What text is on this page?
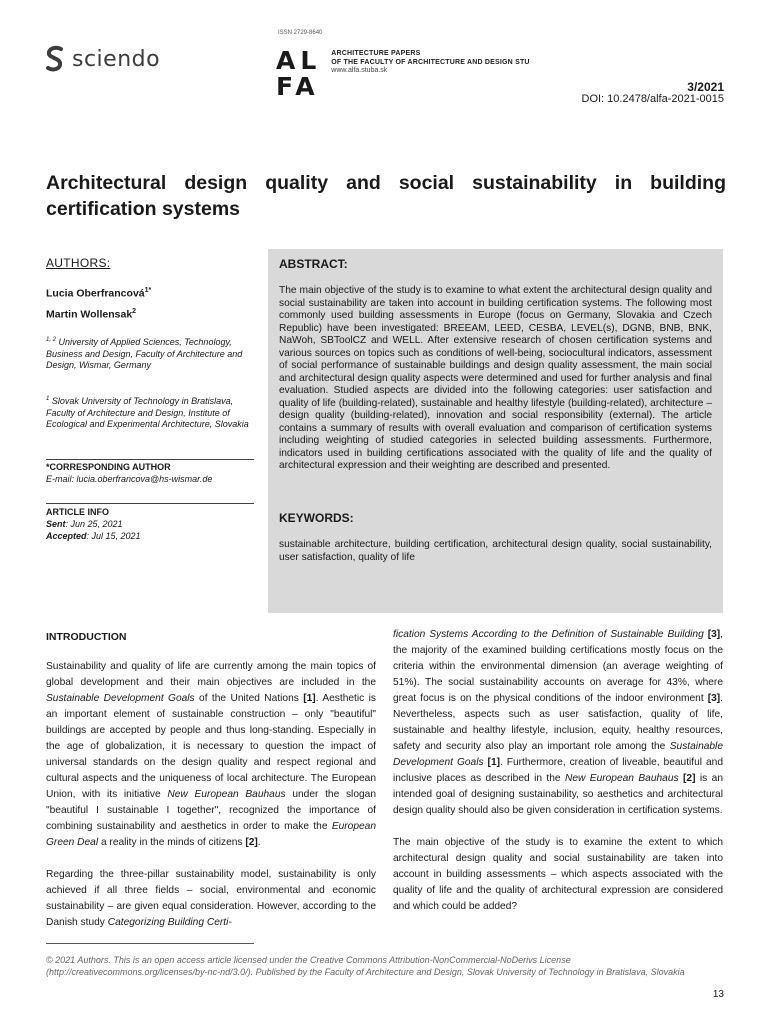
sciendo
ISSN 2729-8640
AL
FA
ARCHITECTURE PAPERS
OF THE FACULTY OF ARCHITECTURE AND DESIGN STU
www.alfa.stuba.sk
3/2021
DOI: 10.2478/alfa-2021-0015
Architectural design quality and social sustainability in building certification systems
AUTHORS:
Lucia Oberfrancová$^{1*}$
Martin Wollensak$^2$
$^{1, 2}$ University of Applied Sciences, Technology, Business and Design, Faculty of Architecture and Design, Wismar, Germany
$^1$ Slovak University of Technology in Bratislava, Faculty of Architecture and Design, Institute of Ecological and Experimental Architecture, Slovakia
*CORRESPONDING AUTHOR
E-mail: lucia.oberfrancova@hs-wismar.de
ARTICLE INFO
Sent: Jun 25, 2021
Accepted: Jul 15, 2021
ABSTRACT:
The main objective of the study is to examine to what extent the architectural design quality and social sustainability are taken into account in building certification systems. The following most commonly used building assessments in Europe (focus on Germany, Slovakia and Czech Republic) have been investigated: BREEAM, LEED, CESBA, LEVEL(s), DGNB, BNB, BNK, NaWoh, SBToolCZ and WELL. After extensive research of chosen certification systems and various sources on topics such as conditions of well-being, sociocultural indicators, assessment of social performance of sustainable buildings and design quality assessment, the main social and architectural design quality aspects were determined and used for further analysis and final evaluation. Studied aspects are divided into the following categories: user satisfaction and quality of life (building-related), sustainable and healthy lifestyle (building-related), architecture – design quality (building-related), innovation and social responsibility (external). The article contains a summary of results with overall evaluation and comparison of certification systems including weighting of studied categories in selected building assessments. Furthermore, indicators used in building certifications associated with the quality of life and the quality of architectural expression and their weighting are described and presented.
KEYWORDS:
sustainable architecture, building certification, architectural design quality, social sustainability, user satisfaction, quality of life
INTRODUCTION

Sustainability and quality of life are currently among the main topics of global development and their main objectives are included in the Sustainable Development Goals of the United Nations [1]. Aesthetic is an important element of sustainable construction – only "beautiful" buildings are accepted by people and thus long-standing. Especially in the age of globalization, it is necessary to question the impact of universal standards on the design quality and respect regional and cultural aspects and the uniqueness of local architecture. The European Union, with its initiative New European Bauhaus under the slogan "beautiful I sustainable I together", recognized the importance of combining sustainability and aesthetics in order to make the European Green Deal a reality in the minds of citizens [2].

Regarding the three-pillar sustainability model, sustainability is only achieved if all three fields – social, environmental and economic sustainability – are given equal consideration. However, according to the Danish study Categorizing Building Certi-

fication Systems According to the Definition of Sustainable Building [3], the majority of the examined building certifications mostly focus on the criteria within the environmental dimension (an average weighting of 51%). The social sustainability accounts on average for 43%, where great focus is on the physical conditions of the indoor environment [3]. Nevertheless, aspects such as user satisfaction, quality of life, sustainable and healthy lifestyle, inclusion, equity, healthy resources, safety and security also play an important role among the Sustainable Development Goals [1]. Furthermore, creation of liveable, beautiful and inclusive places as described in the New European Bauhaus [2] is an intended goal of designing sustainability, so aesthetics and architectural design quality should also be given consideration in certification systems.

The main objective of the study is to examine the extent to which architectural design quality and social sustainability are taken into account in building assessments – which aspects associated with the quality of life and the quality of architectural expression are considered and which could be added?

© 2021 Authors. This is an open access article licensed under the Creative Commons Attribution-NonCommercial-NoDerivs License (http://creativecommons.org/licenses/by-nc-nd/3.0/). Published by the Faculty of Architecture and Design, Slovak University of Technology in Bratislava, Slovakia
13
